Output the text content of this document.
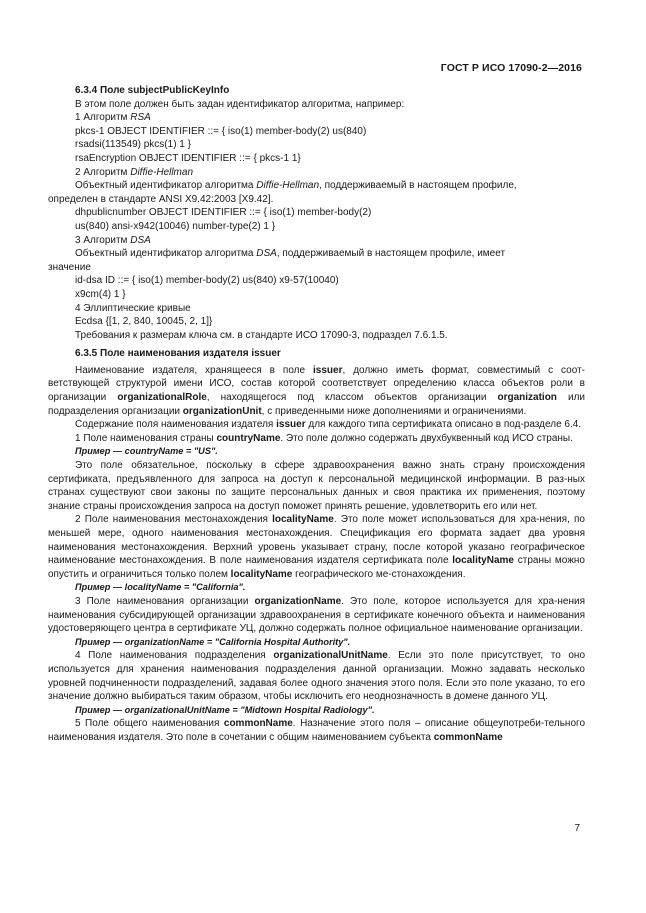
ГОСТ Р ИСО 17090-2—2016

6.3.4 Поле subjectPublicKeyInfo

В этом поле должен быть задан идентификатор алгоритма, например:

1 Алгоритм RSA

pkcs-1 OBJECT IDENTIFIER ::= { iso(1) member-body(2) us(840)

rsadsi(113549) pkcs(1) 1 }

rsaEncryption OBJECT IDENTIFIER ::= { pkcs-1 1}

2 Алгоритм Diffie-Hellman

Объектный идентификатор алгоритма Diffie-Hellman, поддерживаемый в настоящем профиле,

определен в стандарте ANSI X9.42:2003 [X9.42].

dhpublicnumber OBJECT IDENTIFIER ::= { iso(1) member-body(2)

us(840) ansi-x942(10046) number-type(2) 1 }

3 Алгоритм DSA

Объектный идентификатор алгоритма DSA, поддерживаемый в настоящем профиле, имеет

значение

id-dsa ID ::= { iso(1) member-body(2) us(840) x9-57(10040)

x9cm(4) 1 }

4 Эллиптические кривые

Ecdsa {[1, 2, 840, 10045, 2, 1]}

Требования к размерам ключа см. в стандарте ИСО 17090-3, подраздел 7.6.1.5.

6.3.5 Поле наименования издателя issuer

Наименование издателя, хранящееся в поле issuer, должно иметь формат, совместимый с соот-ветствующей структурой имени ИСО, состав которой соответствует определению класса объектов роли в организации organizationalRole, находящегося под классом объектов организации organization или подразделения организации organizationUnit, с приведенными ниже дополнениями и ограничениями.

Содержание поля наименования издателя issuer для каждого типа сертификата описано в под-разделе 6.4.

1 Поле наименования страны countryName. Это поле должно содержать двухбуквенный код ИСО страны.

Пример — countryName = "US".

Это поле обязательное, поскольку в сфере здравоохранения важно знать страну происхождения сертификата, предъявленного для запроса на доступ к персональной медицинской информации. В раз-ных странах существуют свои законы по защите персональных данных и своя практика их применения, поэтому знание страны происхождения запроса на доступ поможет принять решение, удовлетворить его или нет.

2 Поле наименования местонахождения localityName. Это поле может использоваться для хра-нения, по меньшей мере, одного наименования местонахождения. Спецификация его формата задает два уровня наименования местонахождения. Верхний уровень указывает страну, после которой указано географическое наименование местонахождения. В поле наименования издателя сертификата поле localityName страны можно опустить и ограничиться только полем localityName географического ме-стонахождения.

Пример — localityName = "California".

3 Поле наименования организации organizationName. Это поле, которое используется для хра-нения наименования субсидирующей организации здравоохранения в сертификате конечного объекта и наименования удостоверяющего центра в сертификате УЦ, должно содержать полное официальное наименование организации.

Пример — organizationName = "California Hospital Authority".

4 Поле наименования подразделения organizationalUnitName. Если это поле присутствует, то оно используется для хранения наименования подразделения данной организации. Можно задавать несколько уровней подчиненности подразделений, задавая более одного значения этого поля. Если это поле указано, то его значение должно выбираться таким образом, чтобы исключить его неоднозначность в домене данного УЦ.

Пример — organizationalUnitName = "Midtown Hospital Radiology".

5 Поле общего наименования commonName. Назначение этого поля – описание общеупотреби-тельного наименования издателя. Это поле в сочетании с общим наименованием субъекта commonName

7
